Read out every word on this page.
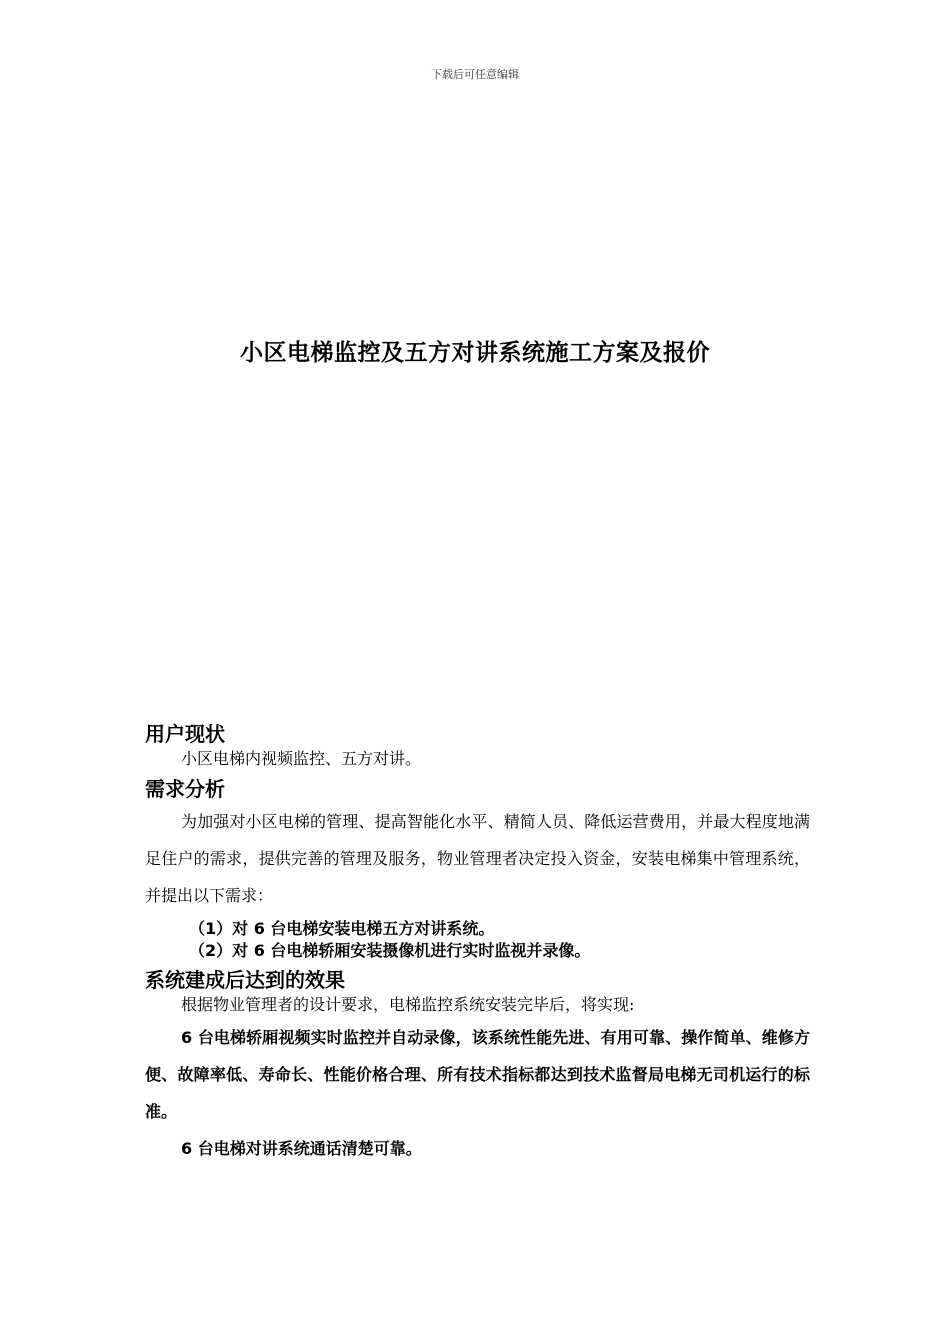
下载后可任意编辑
小区电梯监控及五方对讲系统施工方案及报价
用户现状

小区电梯内视频监控、五方对讲。

需求分析

为加强对小区电梯的管理、提高智能化水平、精简人员、降低运营费用，并最大程度地满足住户的需求，提供完善的管理及服务，物业管理者决定投入资金，安装电梯集中管理系统，并提出以下需求：

（1）对 6 台电梯安装电梯五方对讲系统。

（2）对 6 台电梯轿厢安装摄像机进行实时监视并录像。

系统建成后达到的效果

根据物业管理者的设计要求，电梯监控系统安装完毕后，将实现:

6 台电梯轿厢视频实时监控并自动录像，该系统性能先进、有用可靠、操作简单、维修方便、故障率低、寿命长、性能价格合理、所有技术指标都达到技术监督局电梯无司机运行的标准。

6 台电梯对讲系统通话清楚可靠。
